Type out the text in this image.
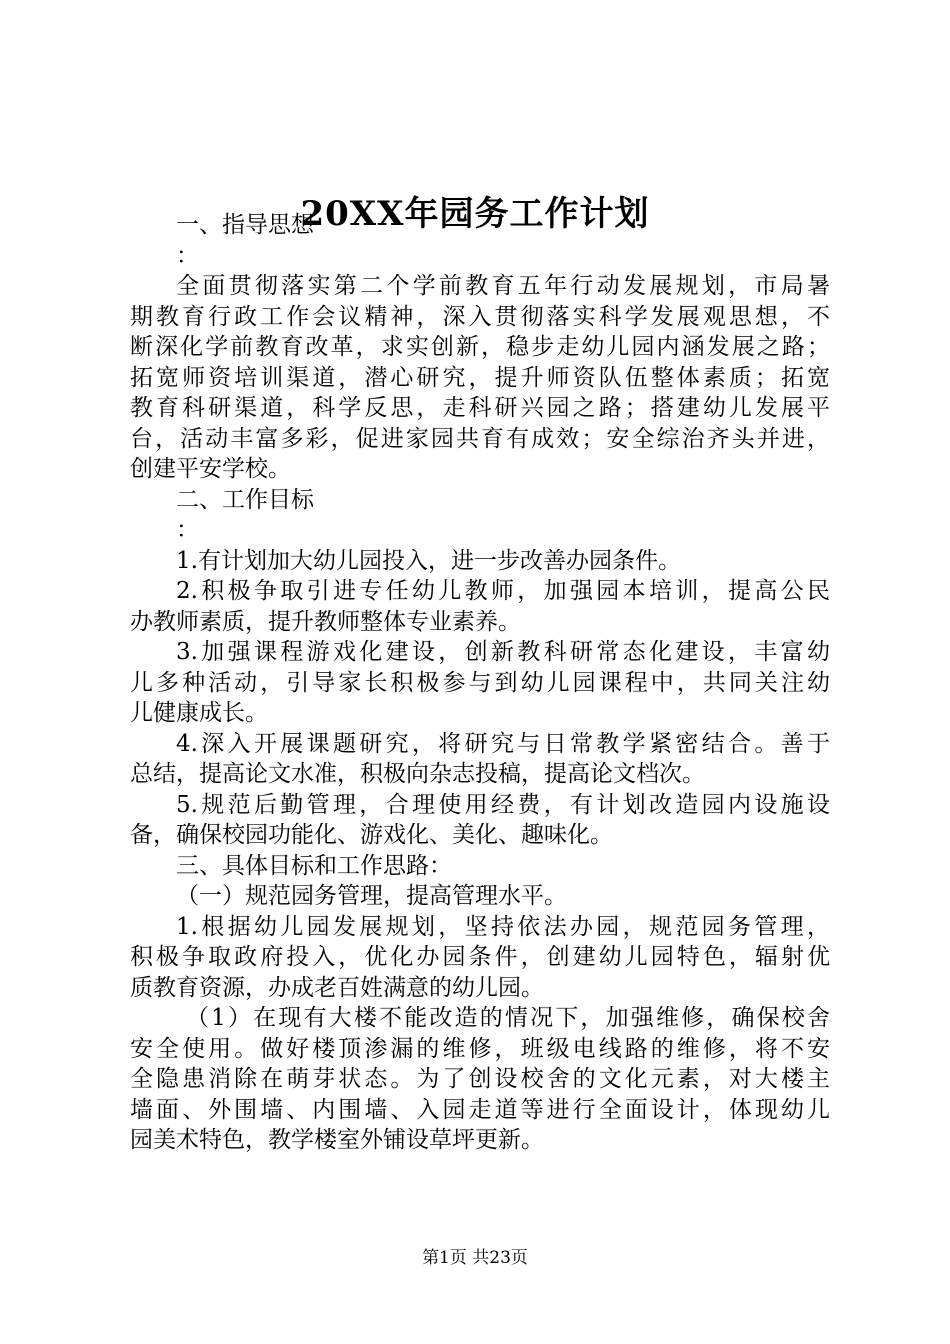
20XX年园务工作计划
一、指导思想
：
全面贯彻落实第二个学前教育五年行动发展规划，市局暑
期教育行政工作会议精神，深入贯彻落实科学发展观思想，不
断深化学前教育改革，求实创新，稳步走幼儿园内涵发展之路；
拓宽师资培训渠道，潜心研究，提升师资队伍整体素质；拓宽
教育科研渠道，科学反思，走科研兴园之路；搭建幼儿发展平
台，活动丰富多彩，促进家园共育有成效；安全综治齐头并进，
创建平安学校。
二、工作目标
：
1.有计划加大幼儿园投入，进一步改善办园条件。
2.积极争取引进专任幼儿教师，加强园本培训，提高公民
办教师素质，提升教师整体专业素养。
3.加强课程游戏化建设，创新教科研常态化建设，丰富幼
儿多种活动，引导家长积极参与到幼儿园课程中，共同关注幼
儿健康成长。
4.深入开展课题研究，将研究与日常教学紧密结合。善于
总结，提高论文水准，积极向杂志投稿，提高论文档次。
5.规范后勤管理，合理使用经费，有计划改造园内设施设
备，确保校园功能化、游戏化、美化、趣味化。
三、具体目标和工作思路：
（一）规范园务管理，提高管理水平。
1.根据幼儿园发展规划，坚持依法办园，规范园务管理，
积极争取政府投入，优化办园条件，创建幼儿园特色，辐射优
质教育资源，办成老百姓满意的幼儿园。
（1）在现有大楼不能改造的情况下，加强维修，确保校舍
安全使用。做好楼顶渗漏的维修，班级电线路的维修，将不安
全隐患消除在萌芽状态。为了创设校舍的文化元素，对大楼主
墙面、外围墙、内围墙、入园走道等进行全面设计，体现幼儿
园美术特色，教学楼室外铺设草坪更新。
第1页 共23页
